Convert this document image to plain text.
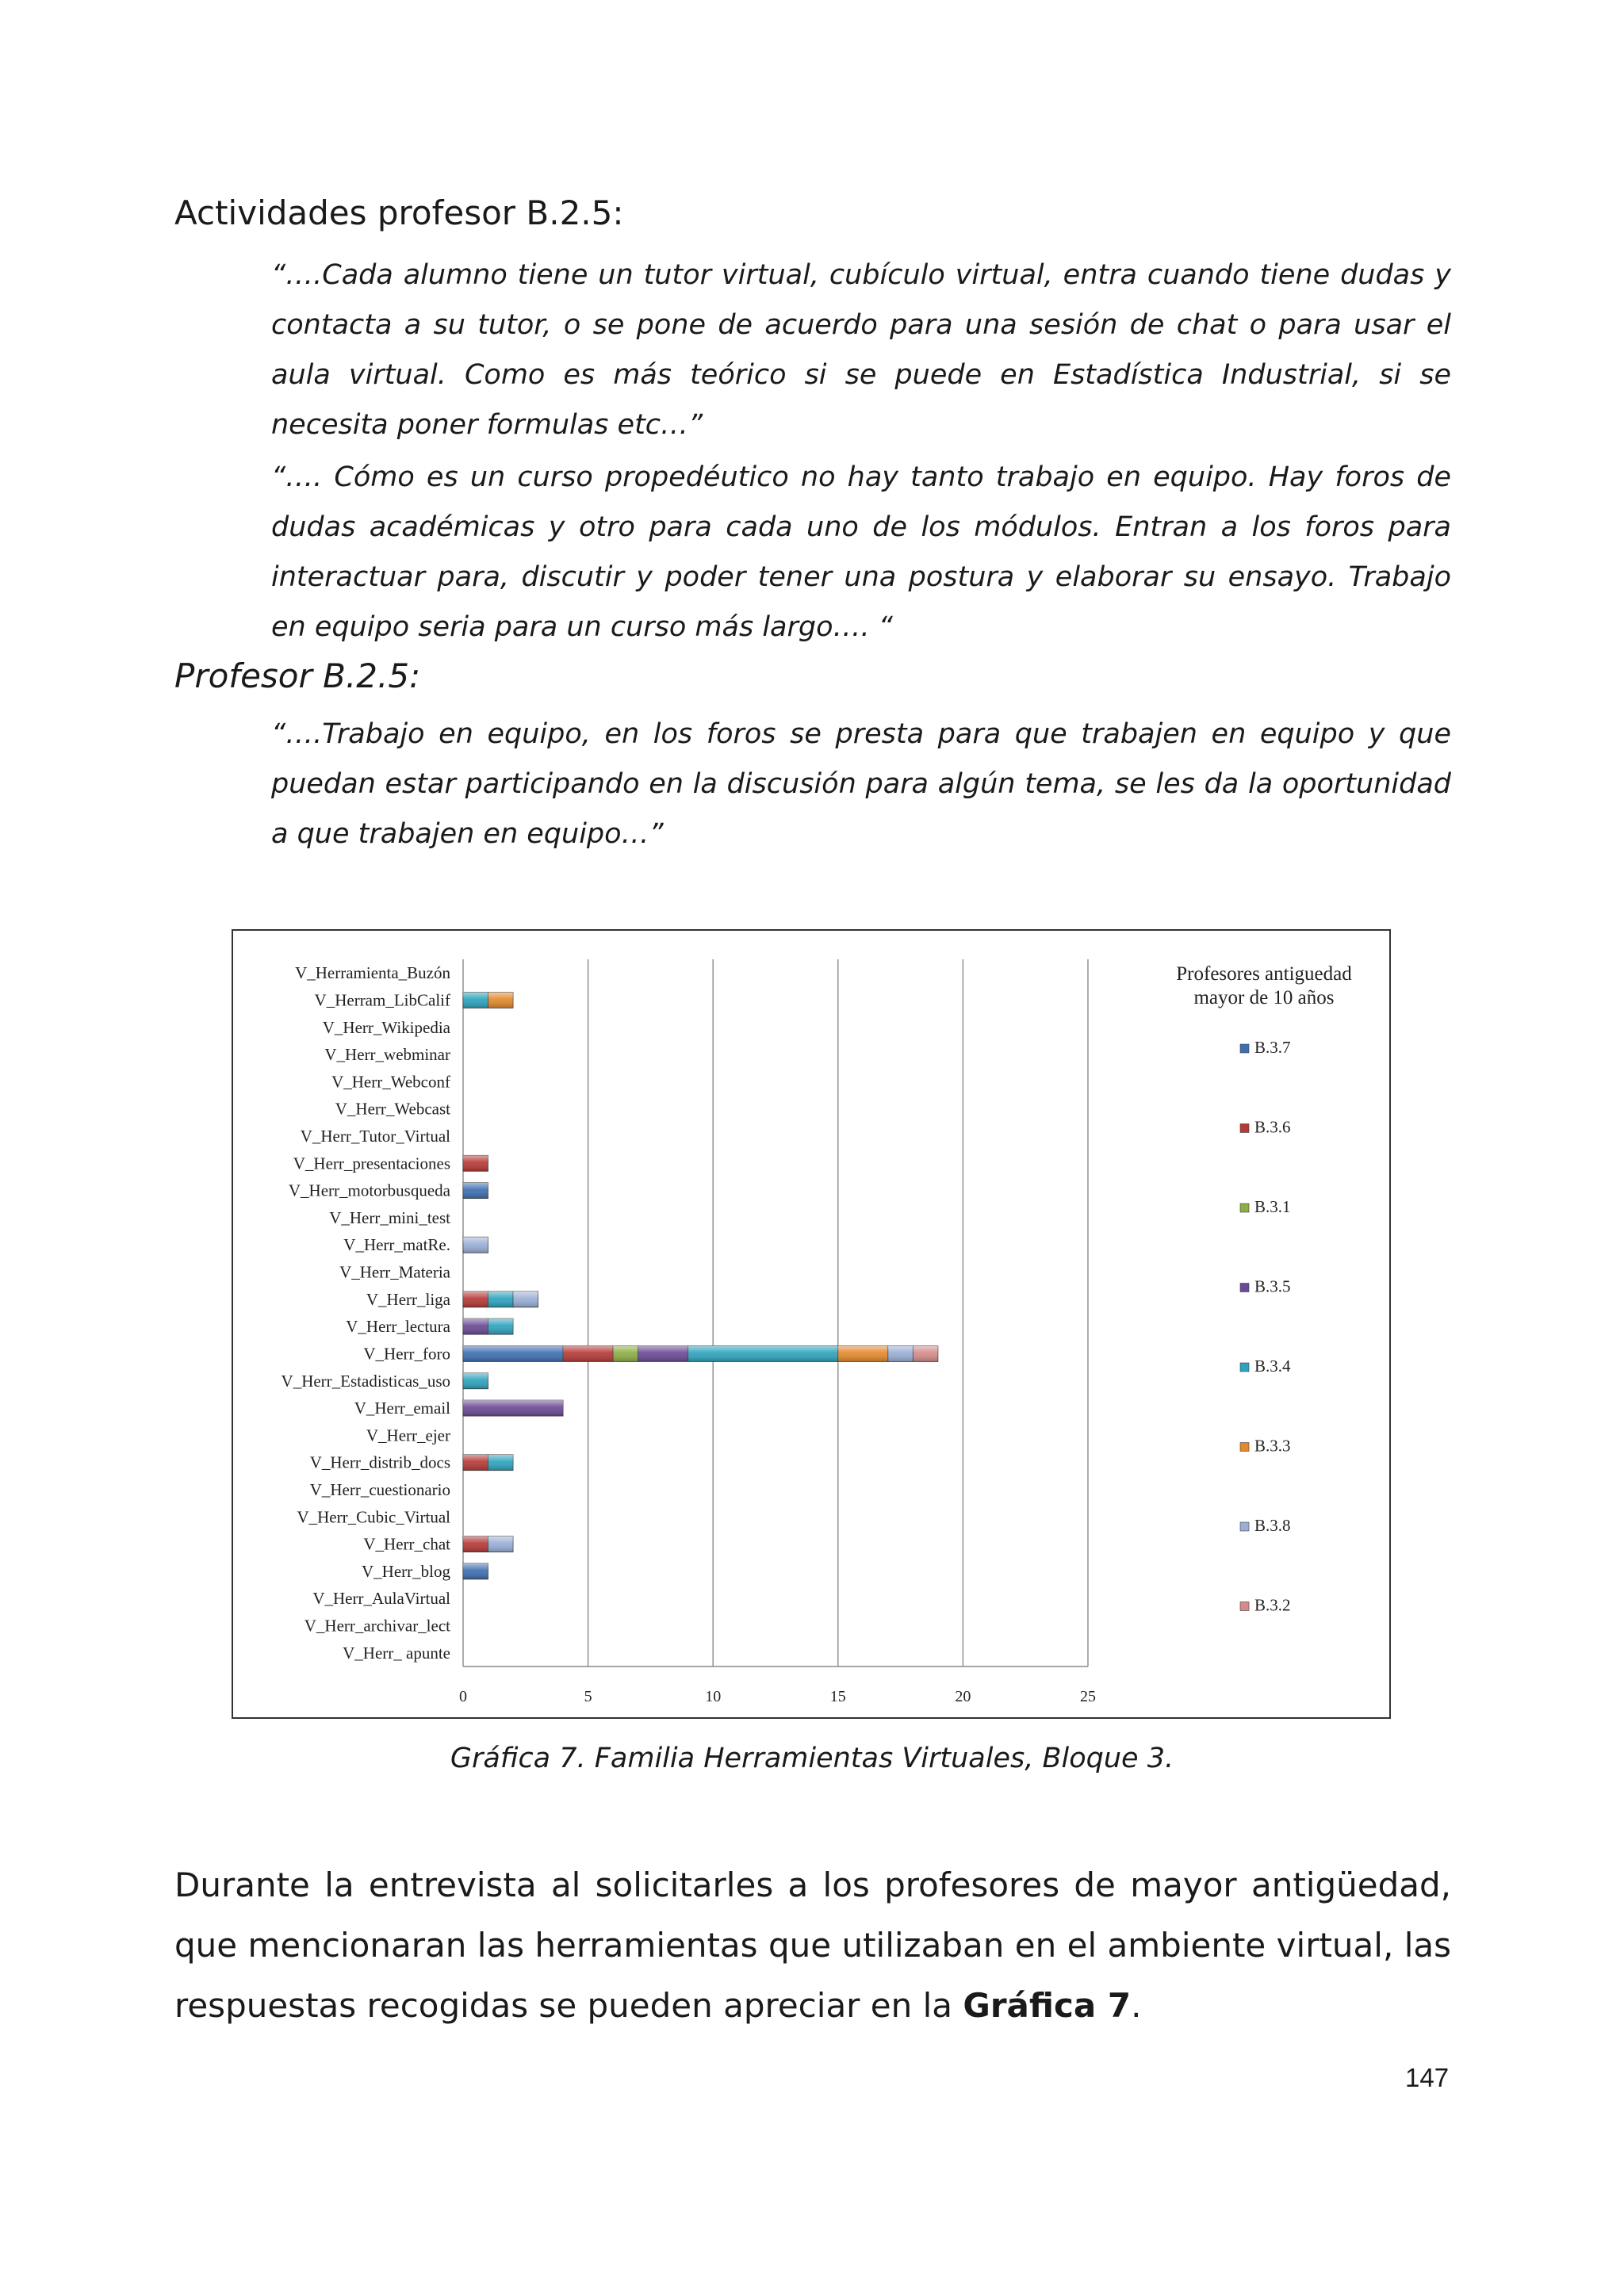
Actividades profesor B.2.5:
“….Cada alumno tiene un tutor virtual, cubículo virtual, entra cuando tiene dudas y contacta a su tutor, o se pone de acuerdo para una sesión de chat o para usar el aula virtual. Como es más teórico si se puede en Estadística Industrial, si se necesita poner formulas etc…”
“…. Cómo es un curso propedéutico no hay tanto trabajo en equipo. Hay foros de dudas académicas y otro para cada uno de los módulos. Entran a los foros para interactuar para, discutir y poder tener una postura y elaborar su ensayo. Trabajo en equipo seria para un curso más largo…. “
Profesor B.2.5:
“….Trabajo en equipo, en los foros se presta para que trabajen en equipo y que puedan estar participando en la discusión para algún tema, se les da la oportunidad a que trabajen en equipo…”
V_Herramienta_Buzón
V_Herram_LibCalif
V_Herr_Wikipedia
V_Herr_webminar
V_Herr_Webconf
V_Herr_Webcast
V_Herr_Tutor_Virtual
V_Herr_presentaciones
V_Herr_motorbusqueda
V_Herr_mini_test
V_Herr_matRe.
V_Herr_Materia
V_Herr_liga
V_Herr_lectura
V_Herr_foro
V_Herr_Estadisticas_uso
V_Herr_email
V_Herr_ejer
V_Herr_distrib_docs
V_Herr_cuestionario
V_Herr_Cubic_Virtual
V_Herr_chat
V_Herr_blog
V_Herr_AulaVirtual
V_Herr_archivar_lect
V_Herr_ apunte
0	5	10	15	20	25
Profesores antiguedad
mayor de 10 años
B.3.7
B.3.6
B.3.1
B.3.5
B.3.4
B.3.3
B.3.8
B.3.2
Gráfica 7. Familia Herramientas Virtuales, Bloque 3.
Durante la entrevista al solicitarles a los profesores de mayor antigüedad, que mencionaran las herramientas que utilizaban en el ambiente virtual, las respuestas recogidas se pueden apreciar en la Gráfica 7.
147
